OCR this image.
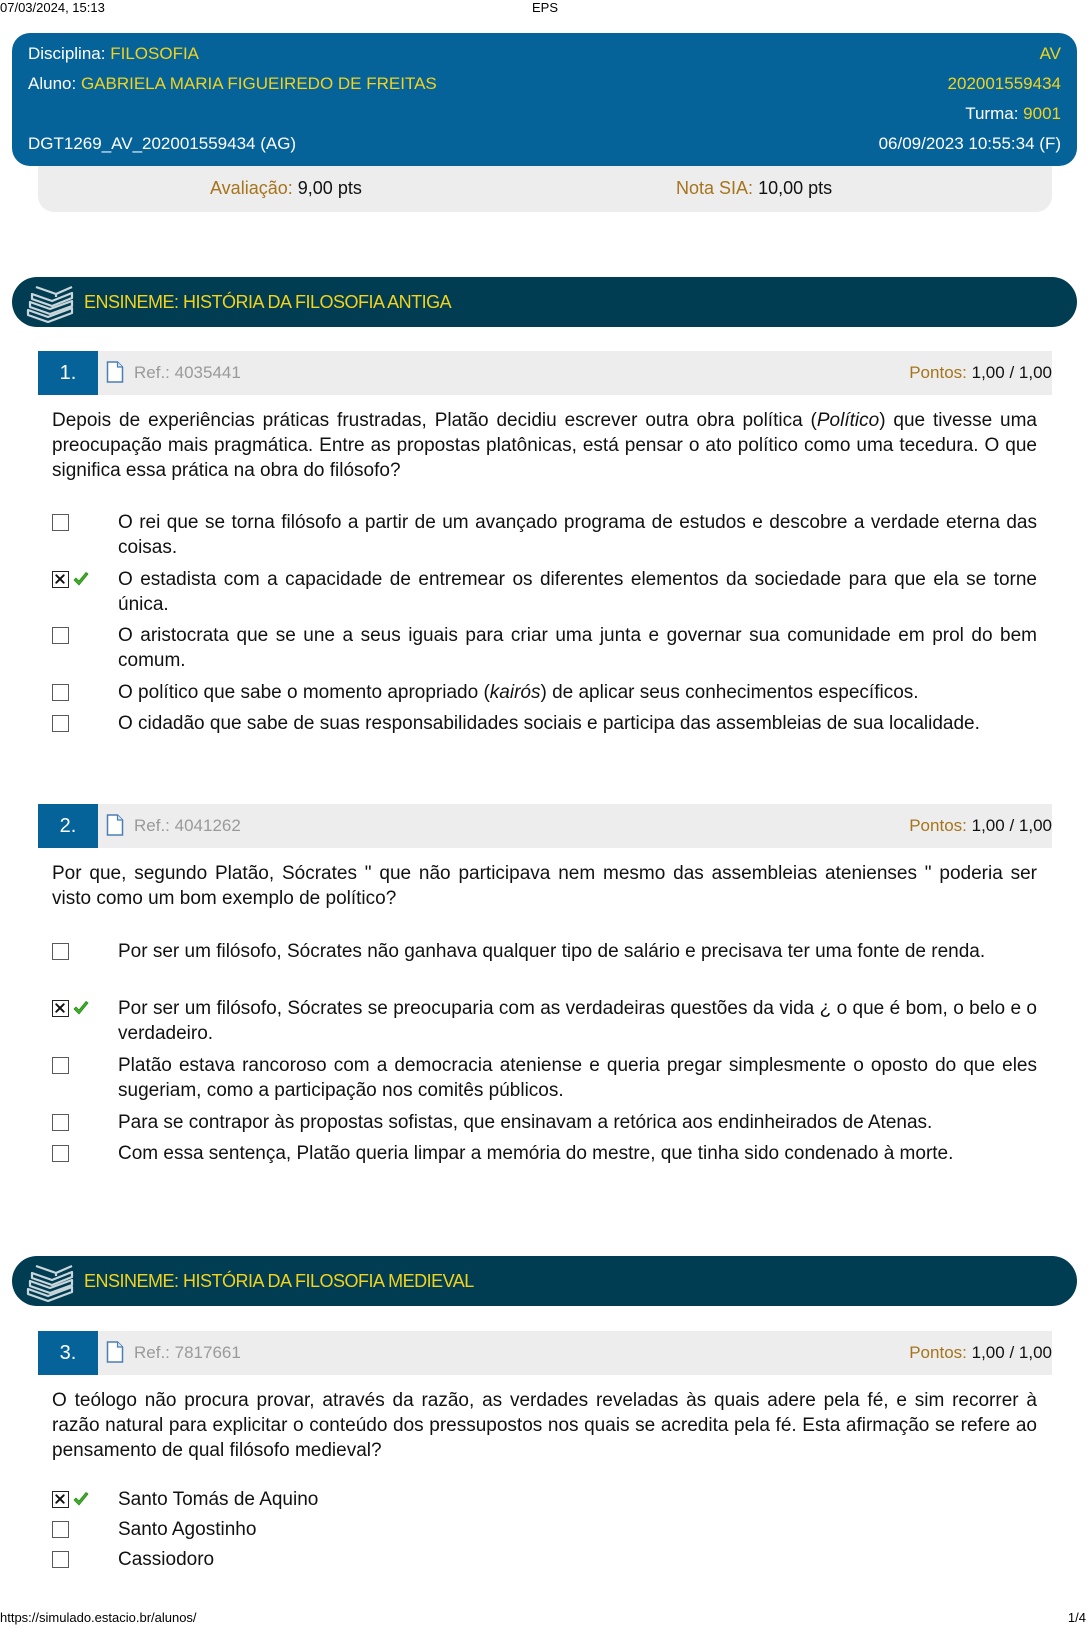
07/03/2024, 15:13	EPS
Disciplina: FILOSOFIA	AV
Aluno: GABRIELA MARIA FIGUEIREDO DE FREITAS	202001559434
Turma: 9001
DGT1269_AV_202001559434 (AG)	06/09/2023 10:55:34 (F)
Avaliação: 9,00 pts	Nota SIA: 10,00 pts
ENSINEME: HISTÓRIA DA FILOSOFIA ANTIGA
1.	Ref.: 4035441	Pontos: 1,00 / 1,00
Depois de experiências práticas frustradas, Platão decidiu escrever outra obra política (Político) que tivesse uma preocupação mais pragmática. Entre as propostas platônicas, está pensar o ato político como uma tecedura. O que significa essa prática na obra do filósofo?
O rei que se torna filósofo a partir de um avançado programa de estudos e descobre a verdade eterna das coisas.
O estadista com a capacidade de entremear os diferentes elementos da sociedade para que ela se torne única.
O aristocrata que se une a seus iguais para criar uma junta e governar sua comunidade em prol do bem comum.
O político que sabe o momento apropriado (kairós) de aplicar seus conhecimentos específicos.
O cidadão que sabe de suas responsabilidades sociais e participa das assembleias de sua localidade.
2.	Ref.: 4041262	Pontos: 1,00 / 1,00
Por que, segundo Platão, Sócrates " que não participava nem mesmo das assembleias atenienses " poderia ser visto como um bom exemplo de político?
Por ser um filósofo, Sócrates não ganhava qualquer tipo de salário e precisava ter uma fonte de renda.
Por ser um filósofo, Sócrates se preocuparia com as verdadeiras questões da vida ¿ o que é bom, o belo e o verdadeiro.
Platão estava rancoroso com a democracia ateniense e queria pregar simplesmente o oposto do que eles sugeriam, como a participação nos comitês públicos.
Para se contrapor às propostas sofistas, que ensinavam a retórica aos endinheirados de Atenas.
Com essa sentença, Platão queria limpar a memória do mestre, que tinha sido condenado à morte.
ENSINEME: HISTÓRIA DA FILOSOFIA MEDIEVAL
3.	Ref.: 7817661	Pontos: 1,00 / 1,00
O teólogo não procura provar, através da razão, as verdades reveladas às quais adere pela fé, e sim recorrer à razão natural para explicitar o conteúdo dos pressupostos nos quais se acredita pela fé. Esta afirmação se refere ao pensamento de qual filósofo medieval?
Santo Tomás de Aquino
Santo Agostinho
Cassiodoro
https://simulado.estacio.br/alunos/	1/4
